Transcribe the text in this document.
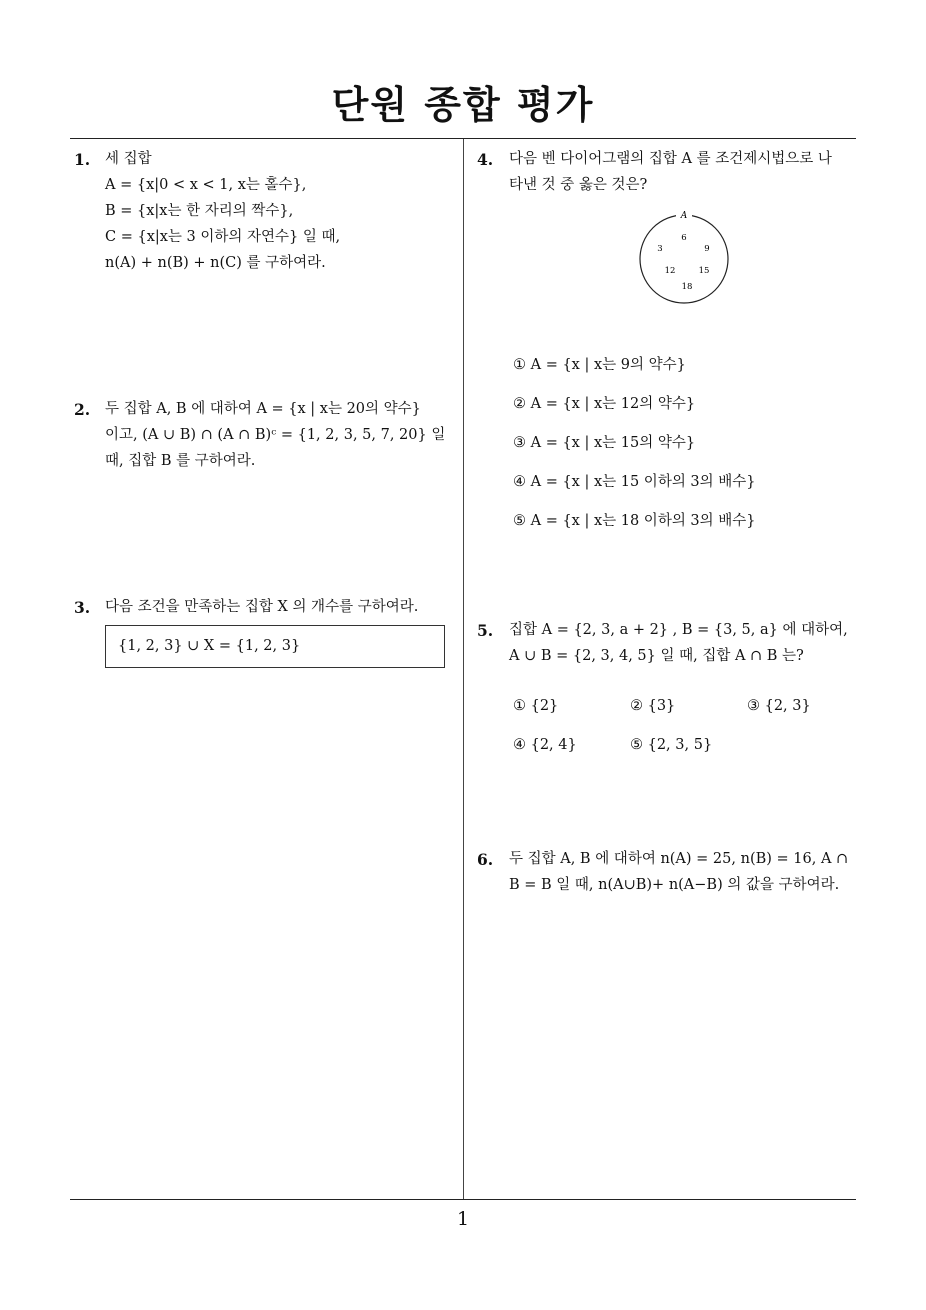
단원 종합 평가
1. 세 집합
A = {x|0 < x < 1, x는 홀수},
B = {x|x는 한 자리의 짝수},
C = {x|x는 3 이하의 자연수} 일 때,
n(A) + n(B) + n(C) 를 구하여라.
2. 두 집합 A, B 에 대하여 A = {x | x는 20의 약수}
이고, (A ∪ B) ∩ (A ∩ B)ᶜ = {1, 2, 3, 5, 7, 20} 일
때, 집합 B 를 구하여라.
3. 다음 조건을 만족하는 집합 X 의 개수를 구하여라.
{1, 2, 3} ∪ X = {1, 2, 3}
4. 다음 벤 다이어그램의 집합 A 를 조건제시법으로 나
타낸 것 중 옳은 것은?
A
3
6
9
12	15
18
① A = {x | x는 9의 약수}
② A = {x | x는 12의 약수}
③ A = {x | x는 15의 약수}
④ A = {x | x는 15 이하의 3의 배수}
⑤ A = {x | x는 18 이하의 3의 배수}
5. 집합 A = {2, 3, a + 2} , B = {3, 5, a} 에 대하여,
A ∪ B = {2, 3, 4, 5} 일 때, 집합 A ∩ B 는?
① {2}	② {3}	③ {2, 3}
④ {2, 4}	⑤ {2, 3, 5}
6. 두 집합 A, B 에 대하여 n(A) = 25, n(B) = 16, A ∩
B = B 일 때, n(A∪B)+ n(A−B) 의 값을 구하여라.
1
